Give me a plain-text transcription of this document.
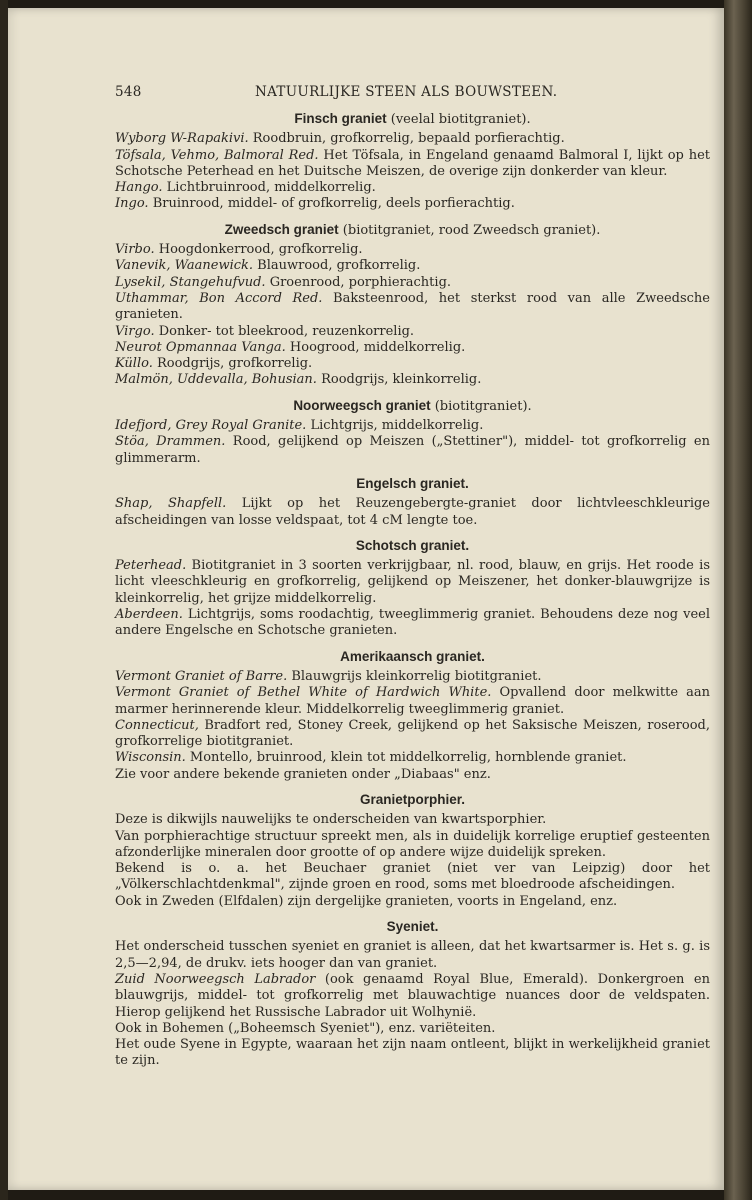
548	NATUURLIJKE STEEN ALS BOUWSTEEN.
Finsch graniet (veelal biotitgraniet).

Wyborg W-Rapakivi. Roodbruin, grofkorrelig, bepaald porfierachtig.

Töfsala, Vehmo, Balmoral Red. Het Töfsala, in Engeland genaamd Balmoral I, lijkt op het Schotsche Peterhead en het Duitsche Meiszen, de overige zijn donkerder van kleur.

Hango. Lichtbruinrood, middelkorrelig.

Ingo. Bruinrood, middel- of grofkorrelig, deels porfierachtig.

Zweedsch graniet (biotitgraniet, rood Zweedsch graniet).

Virbo. Hoogdonkerrood, grofkorrelig.

Vanevik, Waanewick. Blauwrood, grofkorrelig.

Lysekil, Stangehufvud. Groenrood, porphierachtig.

Uthammar, Bon Accord Red. Baksteenrood, het sterkst rood van alle Zweedsche granieten.

Virgo. Donker- tot bleekrood, reuzenkorrelig.

Neurot Opmannaa Vanga. Hoogrood, middelkorrelig.

Küllo. Roodgrijs, grofkorrelig.

Malmön, Uddevalla, Bohusian. Roodgrijs, kleinkorrelig.

Noorweegsch graniet (biotitgraniet).

Idefjord, Grey Royal Granite. Lichtgrijs, middelkorrelig.

Stöa, Drammen. Rood, gelijkend op Meiszen („Stettiner"), middel- tot grofkorrelig en glimmerarm.

Engelsch graniet.

Shap, Shapfell. Lijkt op het Reuzengebergte-graniet door lichtvleeschkleurige afscheidingen van losse veldspaat, tot 4 cM lengte toe.

Schotsch graniet.

Peterhead. Biotitgraniet in 3 soorten verkrijgbaar, nl. rood, blauw, en grijs. Het roode is licht vleeschkleurig en grofkorrelig, gelijkend op Meiszener, het donker-blauwgrijze is kleinkorrelig, het grijze middelkorrelig.

Aberdeen. Lichtgrijs, soms roodachtig, tweeglimmerig graniet. Behoudens deze nog veel andere Engelsche en Schotsche granieten.

Amerikaansch graniet.

Vermont Graniet of Barre. Blauwgrijs kleinkorrelig biotitgraniet.

Vermont Graniet of Bethel White of Hardwich White. Opvallend door melkwitte aan marmer herinnerende kleur. Middelkorrelig tweeglimmerig graniet.

Connecticut, Bradfort red, Stoney Creek, gelijkend op het Saksische Meiszen, roserood, grofkorrelige biotitgraniet.

Wisconsin. Montello, bruinrood, klein tot middelkorrelig, hornblende graniet.

Zie voor andere bekende granieten onder „Diabaas" enz.

Granietporphier.

Deze is dikwijls nauwelijks te onderscheiden van kwartsporphier.

Van porphierachtige structuur spreekt men, als in duidelijk korrelige eruptief gesteenten afzonderlijke mineralen door grootte of op andere wijze duidelijk spreken.

Bekend is o. a. het Beuchaer graniet (niet ver van Leipzig) door het „Völkerschlachtdenkmal", zijnde groen en rood, soms met bloedroode afscheidingen.

Ook in Zweden (Elfdalen) zijn dergelijke granieten, voorts in Engeland, enz.

Syeniet.

Het onderscheid tusschen syeniet en graniet is alleen, dat het kwartsarmer is. Het s. g. is 2,5—2,94, de drukv. iets hooger dan van graniet.

Zuid Noorweegsch Labrador (ook genaamd Royal Blue, Emerald). Donkergroen en blauwgrijs, middel- tot grofkorrelig met blauwachtige nuances door de veldspaten. Hierop gelijkend het Russische Labrador uit Wolhynië.

Ook in Bohemen („Boheemsch Syeniet"), enz. variëteiten.

Het oude Syene in Egypte, waaraan het zijn naam ontleent, blijkt in werkelijkheid graniet te zijn.
